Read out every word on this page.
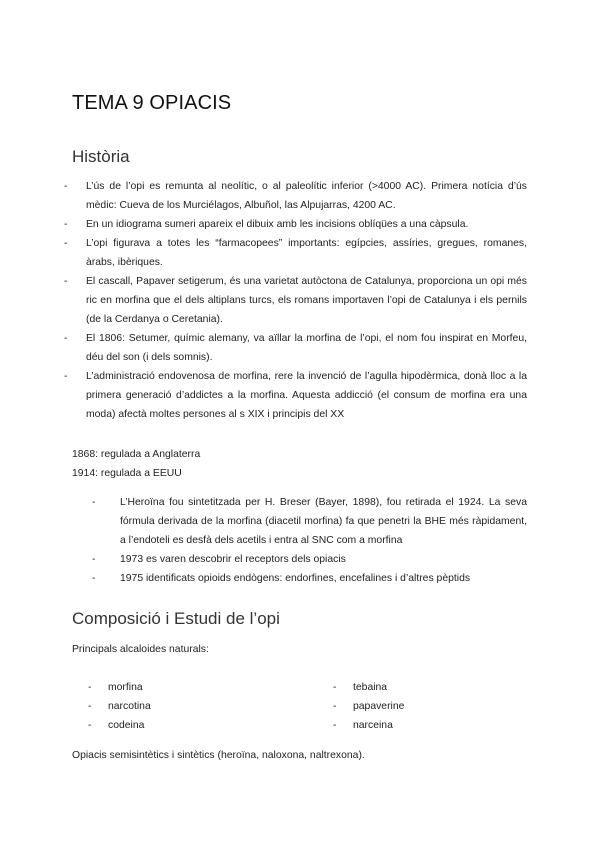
TEMA 9 OPIACIS
Història
- L’ús de l’opi es remunta al neolític, o al paleolític inferior (>4000 AC). Primera notícia d’ús mèdic: Cueva de los Murciélagos, Albuñol, las Alpujarras, 4200 AC.
- En un idiograma sumeri apareix el dibuix amb les incisions oblíqües a una càpsula.
- L’opi figurava a totes les “farmacopees” importants: egípcies, assíries, gregues, romanes, àrabs, ibèriques.
- El cascall, Papaver setigerum, és una varietat autòctona de Catalunya, proporciona un opi més ric en morfina que el dels altiplans turcs, els romans importaven l’opi de Catalunya i els pernils (de la Cerdanya o Ceretania).
- El 1806: Setumer, químic alemany, va aïllar la morfina de l’opi, el nom fou inspirat en Morfeu, déu del son (i dels somnis).
- L’administració endovenosa de morfina, rere la invenció de l’agulla hipodèrmica, donà lloc a la primera generació d’addictes a la morfina. Aquesta addicció (el consum de morfina era una moda) afectà moltes persones al s XIX i principis del XX
1868: regulada a Anglaterra
1914: regulada a EEUU
- L’Heroïna fou sintetitzada per H. Breser (Bayer, 1898), fou retirada el 1924. La seva fórmula derivada de la morfina (diacetil morfina) fa que penetri la BHE més ràpidament, a l’endoteli es desfà dels acetils i entra al SNC com a morfina
- 1973 es varen descobrir el receptors dels opiacis
- 1975 identificats opioids endògens: endorfines, encefalines i d’altres pèptids
Composició i Estudi de l’opi
Principals alcaloides naturals:
- morfina
- narcotina
- codeina
- tebaina
- papaverine
- narceina
Opiacis semisintètics i sintètics (heroïna, naloxona, naltrexona).
